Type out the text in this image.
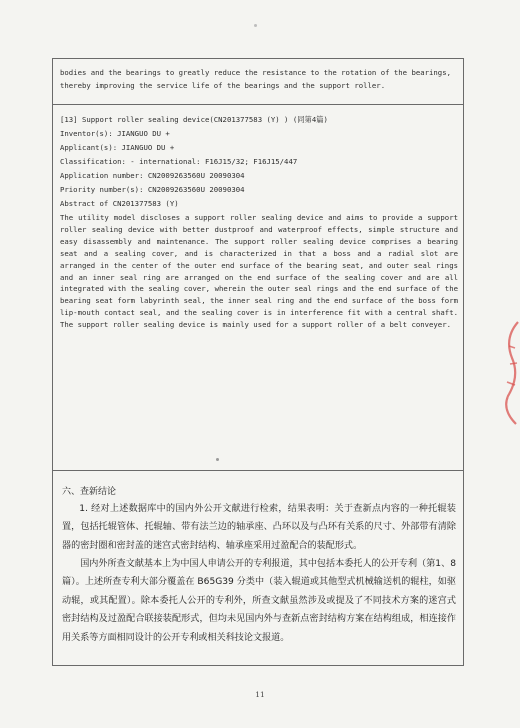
bodies and the bearings to greatly reduce the resistance to the rotation of the bearings,
thereby improving the service life of the bearings and the support roller.
[13] Support roller sealing device(CN201377583 (Y) ) (同第4篇)
Inventor(s): JIANGUO DU +
Applicant(s): JIANGUO DU +
Classification: - international: F16J15/32; F16J15/447
Application number: CN2009263560U 20090304
Priority number(s): CN2009263560U 20090304
Abstract of CN201377583 (Y)
The utility model discloses a support roller sealing device and aims to provide a support roller sealing device with better dustproof and waterproof effects, simple structure and easy disassembly and maintenance. The support roller sealing device comprises a bearing seat and a sealing cover, and is characterized in that a boss and a radial slot are arranged in the center of the outer end surface of the bearing seat, and outer seal rings and an inner seal ring are arranged on the end surface of the sealing cover and are all integrated with the sealing cover, wherein the outer seal rings and the end surface of the bearing seat form labyrinth seal, the inner seal ring and the end surface of the boss form lip-mouth contact seal, and the sealing cover is in interference fit with a central shaft. The support roller sealing device is mainly used for a support roller of a belt conveyer.
六、查新结论
1. 经对上述数据库中的国内外公开文献进行检索，结果表明：关于查新点内容的一种托辊装置，包括托辊管体、托辊轴、带有法兰边的轴承座、凸环以及与凸环有关系的尺寸、外部带有清除器的密封圈和密封盖的迷宫式密封结构、轴承座采用过盈配合的装配形式。
国内外所查文献基本上为中国人申请公开的专利报道，其中包括本委托人的公开专利（第1、8篇）。上述所查专利大部分覆盖在 B65G39 分类中（装入辊道或其他型式机械输送机的辊柱，如驱动辊，或其配置）。除本委托人公开的专利外，所查文献虽然涉及或提及了不同技术方案的迷宫式密封结构及过盈配合联接装配形式，但均未见国内外与查新点密封结构方案在结构组成，相连接作用关系等方面相同设计的公开专利或相关科技论文报道。
11
